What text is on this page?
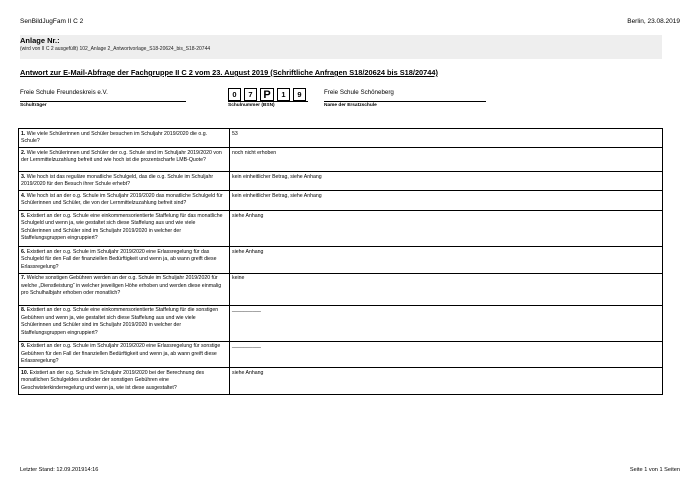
SenBildJugFam II C 2	Berlin, 23.08.2019
Anlage Nr.:
(wird von II C 2 ausgefüllt) 102_Anlage 2_Antwortvorlage_S18-20624_bis_S18-20744
Antwort zur E-Mail-Abfrage der Fachgruppe II C 2 vom 23. August 2019 (Schriftliche Anfragen S18/20624 bis S18/20744)
Freie Schule Freundeskreis e.V.
Schulträger
0	7 P	1	9
Schulnummer (BSN)
Freie Schule Schöneberg
Name der Ersatzschule
1. Wie viele Schülerinnen und Schüler besuchen im Schuljahr 2019/2020 die o.g. Schule?	53
2. Wie viele Schülerinnen und Schüler der o.g. Schule sind im Schuljahr 2019/2020 von der Lernmittelzuzahlung befreit und wie hoch ist die prozentscharfe LMB-Quote?	noch nicht erhoben
3. Wie hoch ist das reguläre monatliche Schulgeld, das die o.g. Schule im Schuljahr 2019/2020 für den Besuch ihrer Schule erhebt?	kein einheitlicher Betrag, siehe Anhang
4. Wie hoch ist an der o.g. Schule im Schuljahr 2019/2020 das monatliche Schulgeld für Schülerinnen und Schüler, die von der Lernmittelzuzahlung befreit sind?	kein einheitlicher Betrag, siehe Anhang
5. Existiert an der o.g. Schule eine einkommensorientierte Staffelung für das monatliche Schulgeld und wenn ja, wie gestaltet sich diese Staffelung aus und wie viele Schülerinnen und Schüler sind im Schuljahr 2019/2020 in welcher der Staffelungsgruppen eingruppiert?	siehe Anhang
6. Existiert an der o.g. Schule im Schuljahr 2019/2020 eine Erlassregelung für das Schulgeld für den Fall der finanziellen Bedürftigkeit und wenn ja, ab wann greift diese Erlassregelung?	siehe Anhang
7. Welche sonstigen Gebühren werden an der o.g. Schule im Schuljahr 2019/2020 für welche „Dienstleistung“ in welcher jeweiligen Höhe erhoben und werden diese einmalig pro Schulhalbjahr erhoben oder monatlich?	keine
8. Existiert an der o.g. Schule eine einkommensorientierte Staffelung für die sonstigen Gebühren und wenn ja, wie gestaltet sich diese Staffelung aus und wie viele Schülerinnen und Schüler sind im Schuljahr 2019/2020 in welcher der Staffelungsgruppen eingruppiert?	__________
9. Existiert an der o.g. Schule im Schuljahr 2019/2020 eine Erlassregelung für sonstige Gebühren für den Fall der finanziellen Bedürftigkeit und wenn ja, ab wann greift diese Erlassregelung?	__________
10. Existiert an der o.g. Schule im Schuljahr 2019/2020 bei der Berechnung des monatlichen Schulgeldes und/oder der sonstigen Gebühren eine Geschwisterkinderregelung und wenn ja, wie ist diese ausgestaltet?	siehe Anhang
Letzter Stand: 12.09.201914:16	Seite 1 von 1 Seiten
